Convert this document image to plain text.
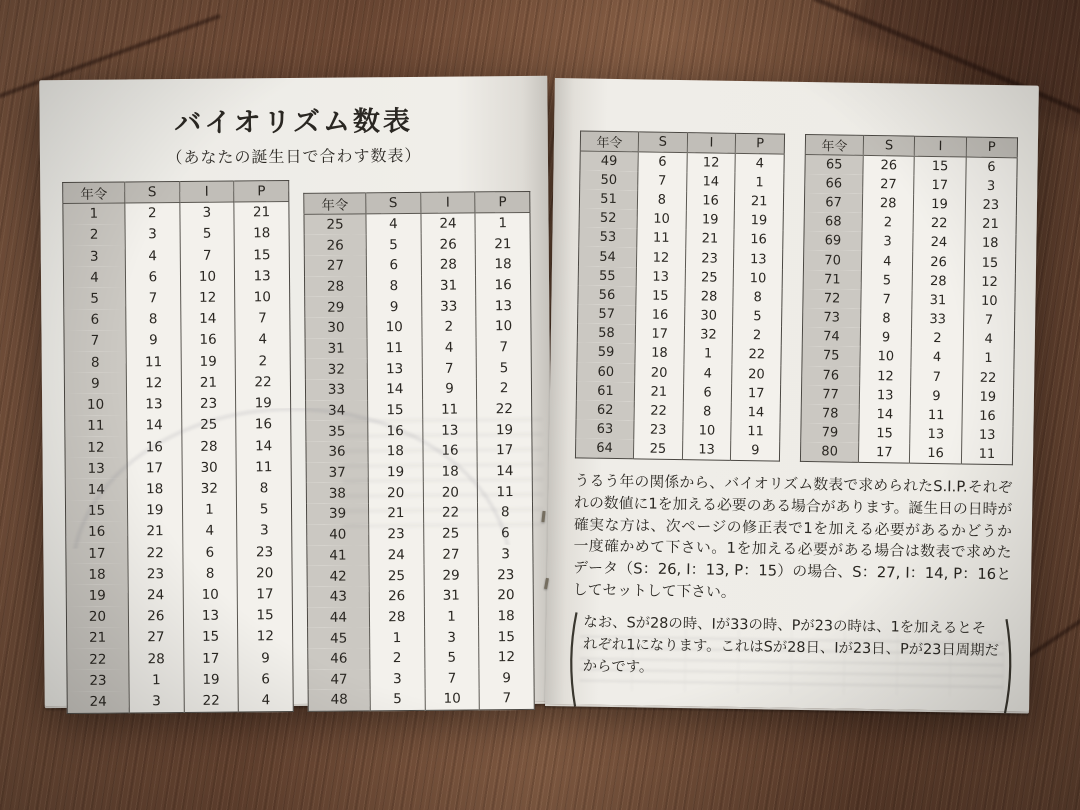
バイオリズム数表
（あなたの誕生日で合わす数表）
年令	S	I	P
1	2	3	21
2	3	5	18
3	4	7	15
4	6	10	13
5	7	12	10
6	8	14	7
7	9	16	4
8	11	19	2
9	12	21	22
10	13	23	19
11	14	25	16
12	16	28	14
13	17	30	11
14	18	32	8
15	19	1	5
16	21	4	3
17	22	6	23
18	23	8	20
19	24	10	17
20	26	13	15
21	27	15	12
22	28	17	9
23	1	19	6
24	3	22	4
年令	S	I	P
25	4	24	1
26	5	26	21
27	6	28	18
28	8	31	16
29	9	33	13
30	10	2	10
31	11	4	7
32	13	7	5
33	14	9	2
34	15	11	22
35	16	13	19
36	18	16	17
37	19	18	14
38	20	20	11
39	21	22	8
40	23	25	6
41	24	27	3
42	25	29	23
43	26	31	20
44	28	1	18
45	1	3	15
46	2	5	12
47	3	7	9
48	5	10	7
年令	S	I	P
49	6	12	4
50	7	14	1
51	8	16	21
52	10	19	19
53	11	21	16
54	12	23	13
55	13	25	10
56	15	28	8
57	16	30	5
58	17	32	2
59	18	1	22
60	20	4	20
61	21	6	17
62	22	8	14
63	23	10	11
64	25	13	9
年令	S	I	P
65	26	15	6
66	27	17	3
67	28	19	23
68	2	22	21
69	3	24	18
70	4	26	15
71	5	28	12
72	7	31	10
73	8	33	7
74	9	2	4
75	10	4	1
76	12	7	22
77	13	9	19
78	14	11	16
79	15	13	13
80	17	16	11

うるう年の関係から、バイオリズム数表で求められたS.I.P.それぞれの数値に1を加える必要のある場合があります。誕生日の日時が確実な方は、次ページの修正表で1を加える必要があるかどうか一度確かめて下さい。1を加える必要がある場合は数表で求めたデータ（S：26, I：13, P：15）の場合、S：27, I：14, P：16としてセットして下さい。

なお、Sが28の時、Iが33の時、Pが23の時は、1を加えるとそれぞれ1になります。これはSが28日、Iが23日、Pが23日周期だからです。
